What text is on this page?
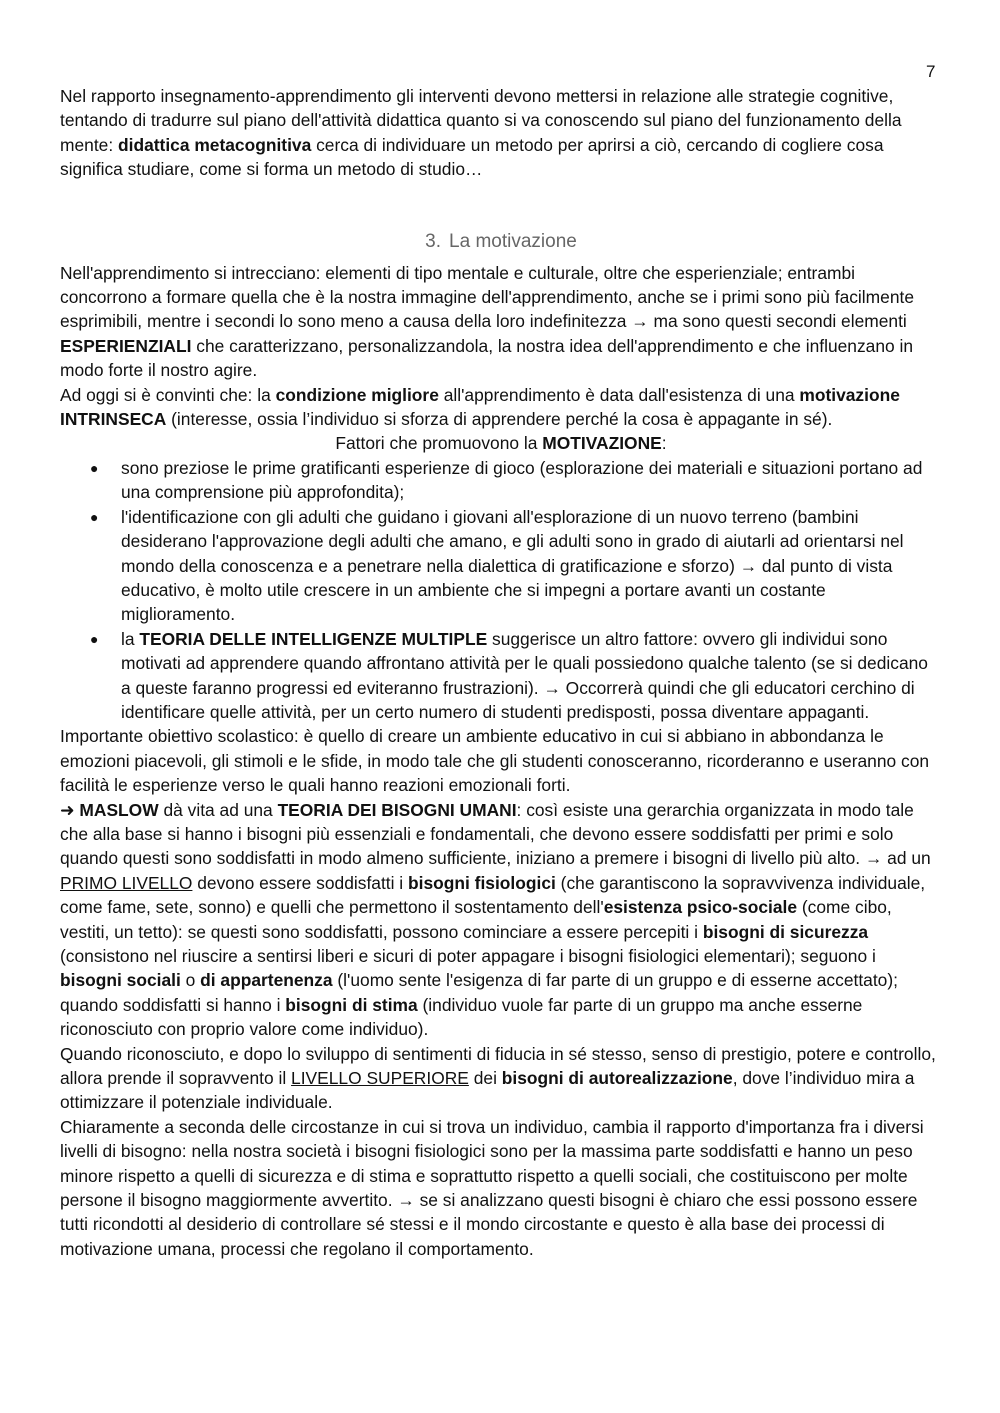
7

Nel rapporto insegnamento-apprendimento gli interventi devono mettersi in relazione alle strategie cognitive, tentando di tradurre sul piano dell'attività didattica quanto si va conoscendo sul piano del funzionamento della mente: didattica metacognitiva cerca di individuare un metodo per aprirsi a ciò, cercando di cogliere cosa significa studiare, come si forma un metodo di studio…

3. La motivazione

Nell'apprendimento si intrecciano: elementi di tipo mentale e culturale, oltre che esperienziale; entrambi concorrono a formare quella che è la nostra immagine dell'apprendimento, anche se i primi sono più facilmente esprimibili, mentre i secondi lo sono meno a causa della loro indefinitezza → ma sono questi secondi elementi ESPERIENZIALI che caratterizzano, personalizzandola, la nostra idea dell'apprendimento e che influenzano in modo forte il nostro agire.

Ad oggi si è convinti che: la condizione migliore all'apprendimento è data dall'esistenza di una motivazione INTRINSECA (interesse, ossia l’individuo si sforza di apprendere perché la cosa è appagante in sé).

Fattori che promuovono la MOTIVAZIONE:

● sono preziose le prime gratificanti esperienze di gioco (esplorazione dei materiali e situazioni portano ad una comprensione più approfondita);
● l'identificazione con gli adulti che guidano i giovani all'esplorazione di un nuovo terreno (bambini desiderano l'approvazione degli adulti che amano, e gli adulti sono in grado di aiutarli ad orientarsi nel mondo della conoscenza e a penetrare nella dialettica di gratificazione e sforzo) → dal punto di vista educativo, è molto utile crescere in un ambiente che si impegni a portare avanti un costante miglioramento.
● la TEORIA DELLE INTELLIGENZE MULTIPLE suggerisce un altro fattore: ovvero gli individui sono motivati ad apprendere quando affrontano attività per le quali possiedono qualche talento (se si dedicano a queste faranno progressi ed eviteranno frustrazioni). → Occorrerà quindi che gli educatori cerchino di identificare quelle attività, per un certo numero di studenti predisposti, possa diventare appaganti.

Importante obiettivo scolastico: è quello di creare un ambiente educativo in cui si abbiano in abbondanza le emozioni piacevoli, gli stimoli e le sfide, in modo tale che gli studenti conosceranno, ricorderanno e useranno con facilità le esperienze verso le quali hanno reazioni emozionali forti.

➜ MASLOW dà vita ad una TEORIA DEI BISOGNI UMANI: così esiste una gerarchia organizzata in modo tale che alla base si hanno i bisogni più essenziali e fondamentali, che devono essere soddisfatti per primi e solo quando questi sono soddisfatti in modo almeno sufficiente, iniziano a premere i bisogni di livello più alto. → ad un PRIMO LIVELLO devono essere soddisfatti i bisogni fisiologici (che garantiscono la sopravvivenza individuale, come fame, sete, sonno) e quelli che permettono il sostentamento dell'esistenza psico-sociale (come cibo, vestiti, un tetto): se questi sono soddisfatti, possono cominciare a essere percepiti i bisogni di sicurezza (consistono nel riuscire a sentirsi liberi e sicuri di poter appagare i bisogni fisiologici elementari); seguono i bisogni sociali o di appartenenza (l'uomo sente l'esigenza di far parte di un gruppo e di esserne accettato); quando soddisfatti si hanno i bisogni di stima (individuo vuole far parte di un gruppo ma anche esserne riconosciuto con proprio valore come individuo).

Quando riconosciuto, e dopo lo sviluppo di sentimenti di fiducia in sé stesso, senso di prestigio, potere e controllo, allora prende il sopravvento il LIVELLO SUPERIORE dei bisogni di autorealizzazione, dove l’individuo mira a ottimizzare il potenziale individuale.

Chiaramente a seconda delle circostanze in cui si trova un individuo, cambia il rapporto d'importanza fra i diversi livelli di bisogno: nella nostra società i bisogni fisiologici sono per la massima parte soddisfatti e hanno un peso minore rispetto a quelli di sicurezza e di stima e soprattutto rispetto a quelli sociali, che costituiscono per molte persone il bisogno maggiormente avvertito. → se si analizzano questi bisogni è chiaro che essi possono essere tutti ricondotti al desiderio di controllare sé stessi e il mondo circostante e questo è alla base dei processi di motivazione umana, processi che regolano il comportamento.
